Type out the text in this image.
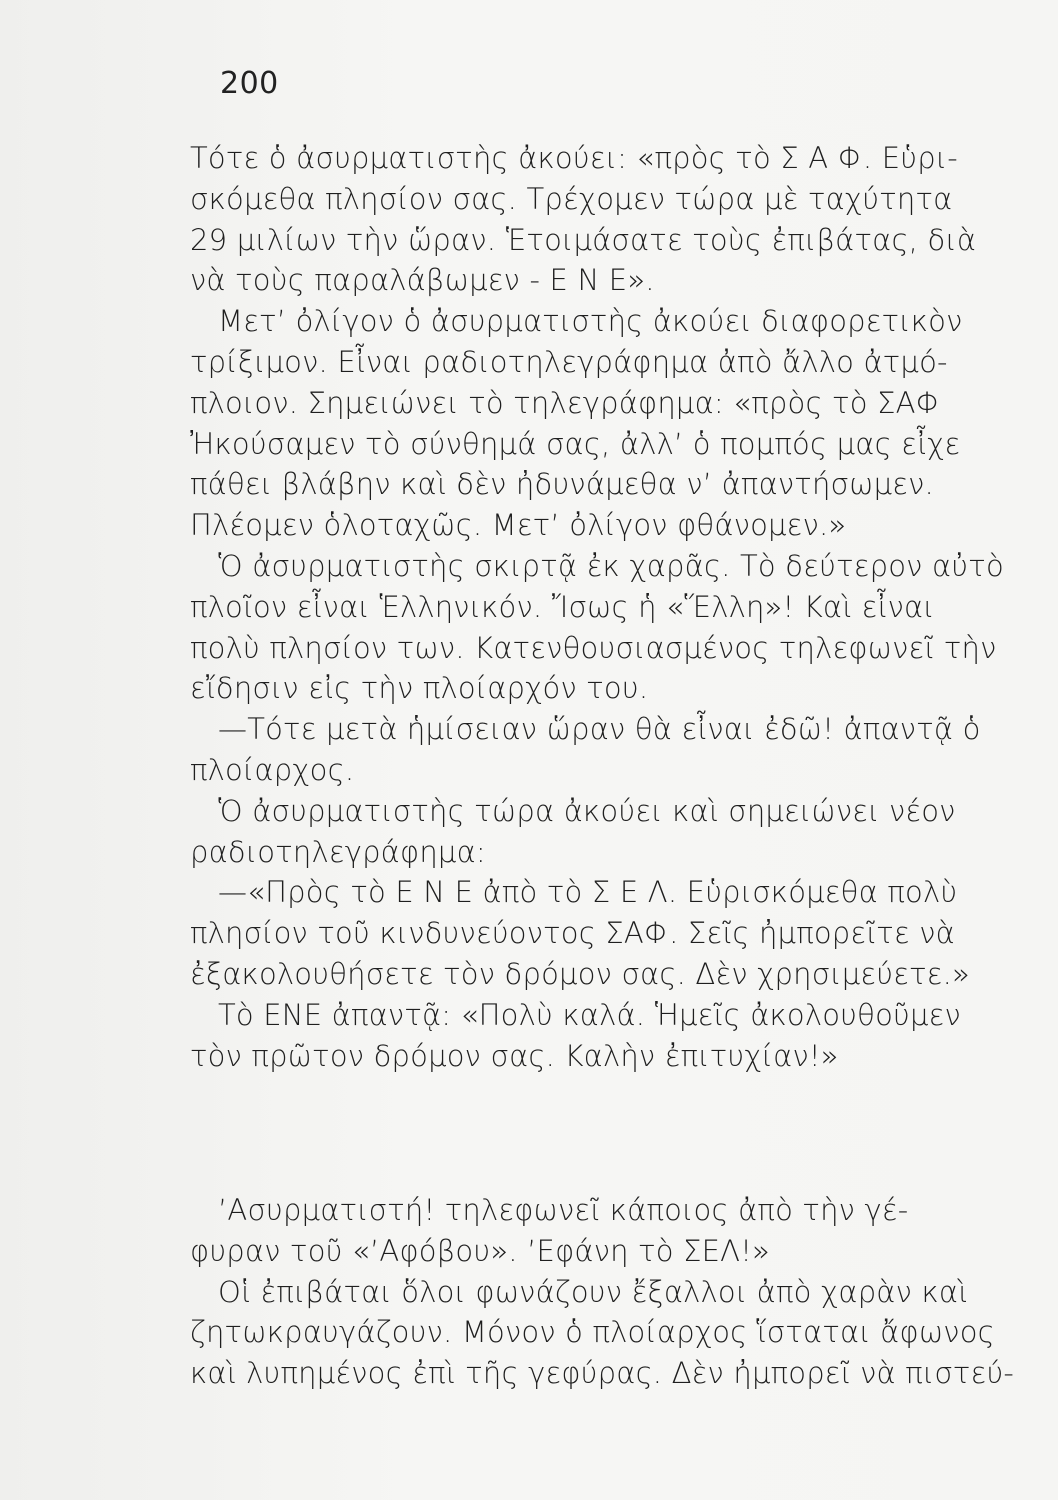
200
Τότε ὁ ἀσυρματιστὴς ἀκούει: «πρὸς τὸ Σ Α Φ. Εὑρι-
σκόμεθα πλησίον σας. Τρέχομεν τώρα μὲ ταχύτητα
29 μιλίων τὴν ὥραν. Ἑτοιμάσατε τοὺς ἐπιβάτας, διὰ
νὰ τοὺς παραλάβωμεν - Ε Ν Ε».
Μετ’ ὀλίγον ὁ ἀσυρματιστὴς ἀκούει διαφορετικὸν
τρίξιμον. Εἶναι ραδιοτηλεγράφημα ἀπὸ ἄλλο ἀτμό-
πλοιον. Σημειώνει τὸ τηλεγράφημα: «πρὸς τὸ ΣΑΦ
Ἠκούσαμεν τὸ σύνθημά σας, ἀλλ’ ὁ πομπός μας εἶχε
πάθει βλάβην καὶ δὲν ἠδυνάμεθα ν’ ἀπαντήσωμεν.
Πλέομεν ὁλοταχῶς. Μετ’ ὀλίγον φθάνομεν.»
Ὁ ἀσυρματιστὴς σκιρτᾷ ἐκ χαρᾶς. Τὸ δεύτερον αὐτὸ
πλοῖον εἶναι Ἑλληνικόν. Ἴσως ἡ «Ἕλλη»! Καὶ εἶναι
πολὺ πλησίον των. Κατενθουσιασμένος τηλεφωνεῖ τὴν
εἴδησιν εἰς τὴν πλοίαρχόν του.
—Τότε μετὰ ἡμίσειαν ὥραν θὰ εἶναι ἐδῶ! ἀπαντᾷ ὁ
πλοίαρχος.
Ὁ ἀσυρματιστὴς τώρα ἀκούει καὶ σημειώνει νέον
ραδιοτηλεγράφημα:
—«Πρὸς τὸ Ε Ν Ε ἀπὸ τὸ Σ Ε Λ. Εὑρισκόμεθα πολὺ
πλησίον τοῦ κινδυνεύοντος ΣΑΦ. Σεῖς ἠμπορεῖτε νὰ
ἐξακολουθήσετε τὸν δρόμον σας. Δὲν χρησιμεύετε.»
Τὸ ΕΝΕ ἀπαντᾷ: «Πολὺ καλά. Ἡμεῖς ἀκολουθοῦμεν
τὸν πρῶτον δρόμον σας. Καλὴν ἐπιτυχίαν!»
’Ασυρματιστή! τηλεφωνεῖ κάποιος ἀπὸ τὴν γέ-
φυραν τοῦ «’Αφόβου». ’Εφάνη τὸ ΣΕΛ!»
Οἱ ἐπιβάται ὅλοι φωνάζουν ἔξαλλοι ἀπὸ χαρὰν καὶ
ζητωκραυγάζουν. Μόνον ὁ πλοίαρχος ἵσταται ἄφωνος
καὶ λυπημένος ἐπὶ τῆς γεφύρας. Δὲν ἠμπορεῖ νὰ πιστεύ-
